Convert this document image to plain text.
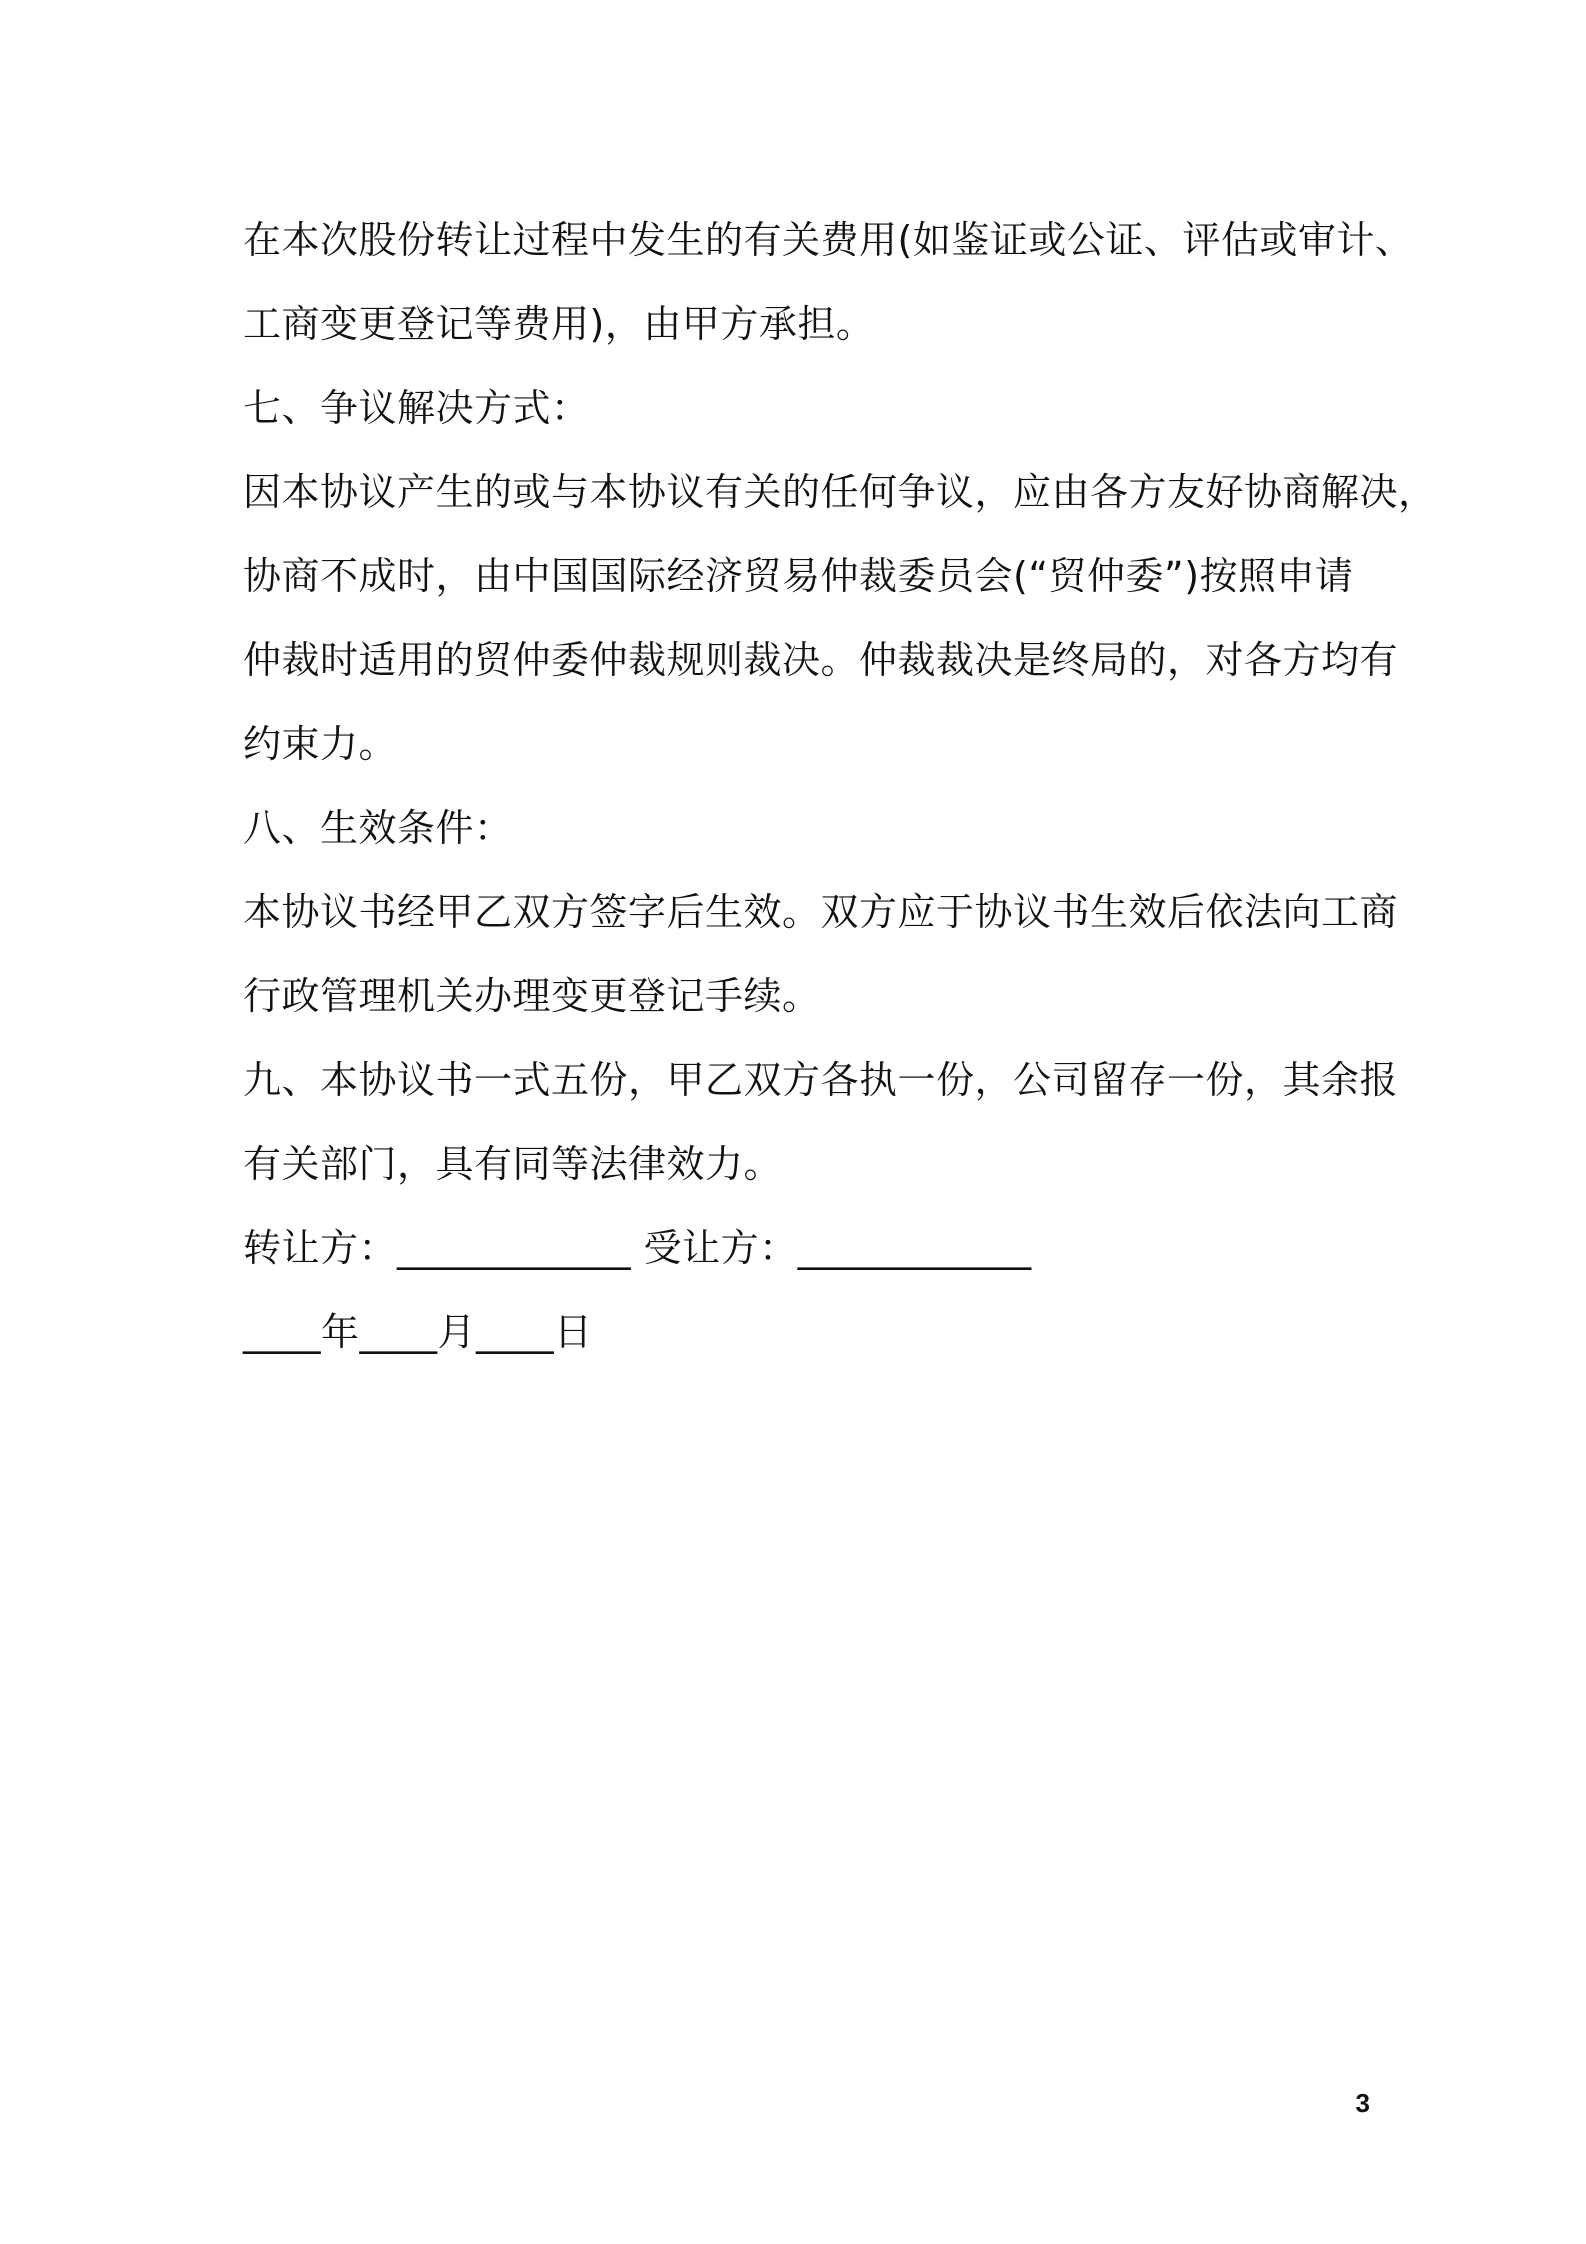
在本次股份转让过程中发生的有关费用(如鉴证或公证、评估或审计、
工商变更登记等费用)，由甲方承担。
七、争议解决方式：
因本协议产生的或与本协议有关的任何争议，应由各方友好协商解决，
协商不成时，由中国国际经济贸易仲裁委员会(“贸仲委”)按照申请
仲裁时适用的贸仲委仲裁规则裁决。仲裁裁决是终局的，对各方均有
约束力。
八、生效条件：
本协议书经甲乙双方签字后生效。双方应于协议书生效后依法向工商
行政管理机关办理变更登记手续。
九、本协议书一式五份，甲乙双方各执一份，公司留存一份，其余报
有关部门，具有同等法律效力。
转让方：____________ 受让方：____________
____年____月____日
3
